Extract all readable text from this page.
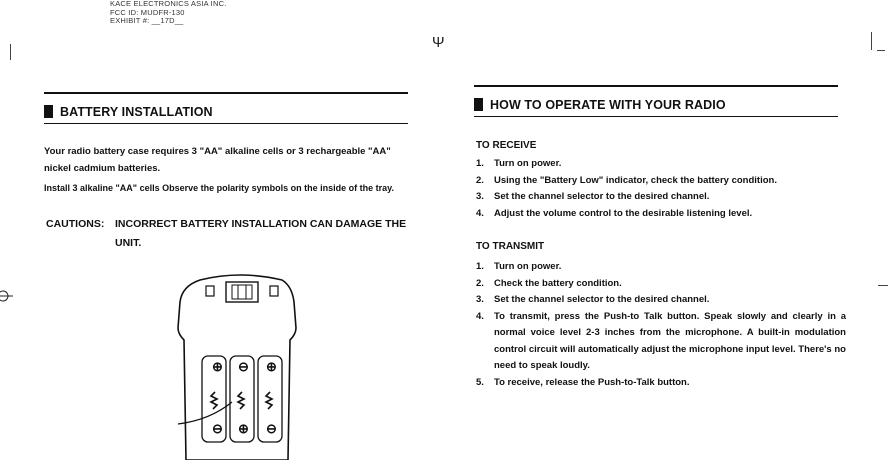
KACE ELECTRONICS ASIA INC.
FCC ID: MUDFR-130
EXHIBIT #: __17D__
Ψ
BATTERY INSTALLATION
Your radio battery case requires 3 "AA" alkaline cells or 3 rechargeable "AA" nickel cadmium batteries.
Install 3 alkaline "AA" cells Observe the polarity symbols on the inside of the tray.
CAUTIONS: INCORRECT BATTERY INSTALLATION CAN DAMAGE THE UNIT.
⊕ ⊖ ⊕
⊖ ⊕ ⊖
HOW TO OPERATE WITH YOUR RADIO
TO RECEIVE
1. Turn on power.
2. Using the "Battery Low" indicator, check the battery condition.
3. Set the channel selector to the desired channel.
4. Adjust the volume control to the desirable listening level.
TO TRANSMIT
1. Turn on power.
2. Check the battery condition.
3. Set the channel selector to the desired channel.
4. To transmit, press the Push-to Talk button. Speak slowly and clearly in a normal voice level 2-3 inches from the microphone. A built-in modulation control circuit will automatically adjust the microphone input level. There's no need to speak loudly.
5. To receive, release the Push-to-Talk button.
